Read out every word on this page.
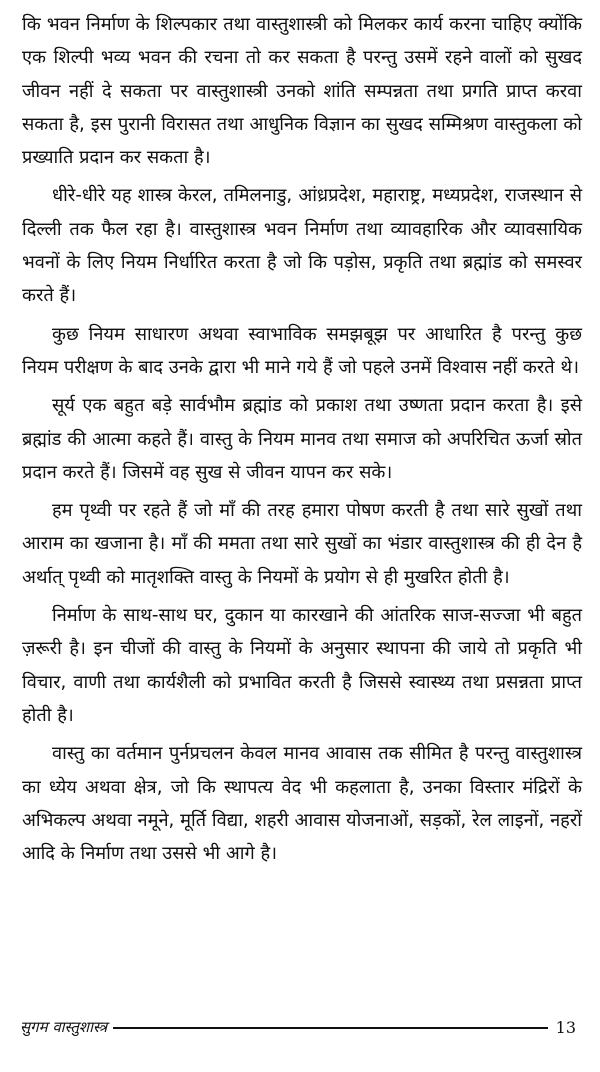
कि भवन निर्माण के शिल्पकार तथा वास्तुशास्त्री को मिलकर कार्य करना चाहिए क्योंकि एक शिल्पी भव्य भवन की रचना तो कर सकता है परन्तु उसमें रहने वालों को सुखद जीवन नहीं दे सकता पर वास्तुशास्त्री उनको शांति सम्पन्नता तथा प्रगति प्राप्त करवा सकता है, इस पुरानी विरासत तथा आधुनिक विज्ञान का सुखद सम्मिश्रण वास्तुकला को प्रख्याति प्रदान कर सकता है।

धीरे-धीरे यह शास्त्र केरल, तमिलनाडु, आंध्रप्रदेश, महाराष्ट्र, मध्यप्रदेश, राजस्थान से दिल्ली तक फैल रहा है। वास्तुशास्त्र भवन निर्माण तथा व्यावहारिक और व्यावसायिक भवनों के लिए नियम निर्धारित करता है जो कि पड़ोस, प्रकृति तथा ब्रह्मांड को समस्वर करते हैं।

कुछ नियम साधारण अथवा स्वाभाविक समझबूझ पर आधारित है परन्तु कुछ नियम परीक्षण के बाद उनके द्वारा भी माने गये हैं जो पहले उनमें विश्वास नहीं करते थे।

सूर्य एक बहुत बड़े सार्वभौम ब्रह्मांड को प्रकाश तथा उष्णता प्रदान करता है। इसे ब्रह्मांड की आत्मा कहते हैं। वास्तु के नियम मानव तथा समाज को अपरिचित ऊर्जा स्रोत प्रदान करते हैं। जिसमें वह सुख से जीवन यापन कर सके।

हम पृथ्वी पर रहते हैं जो माँ की तरह हमारा पोषण करती है तथा सारे सुखों तथा आराम का खजाना है। माँ की ममता तथा सारे सुखों का भंडार वास्तुशास्त्र की ही देन है अर्थात् पृथ्वी को मातृशक्ति वास्तु के नियमों के प्रयोग से ही मुखरित होती है।

निर्माण के साथ-साथ घर, दुकान या कारखाने की आंतरिक साज-सज्जा भी बहुत ज़रूरी है। इन चीजों की वास्तु के नियमों के अनुसार स्थापना की जाये तो प्रकृति भी विचार, वाणी तथा कार्यशैली को प्रभावित करती है जिससे स्वास्थ्य तथा प्रसन्नता प्राप्त होती है।

वास्तु का वर्तमान पुर्नप्रचलन केवल मानव आवास तक सीमित है परन्तु वास्तुशास्त्र का ध्येय अथवा क्षेत्र, जो कि स्थापत्य वेद भी कहलाता है, उनका विस्तार मंद्रिरों के अभिकल्प अथवा नमूने, मूर्ति विद्या, शहरी आवास योजनाओं, सड़कों, रेल लाइनों, नहरों आदि के निर्माण तथा उससे भी आगे है।

सुगम वास्तुशास्त्र	13
